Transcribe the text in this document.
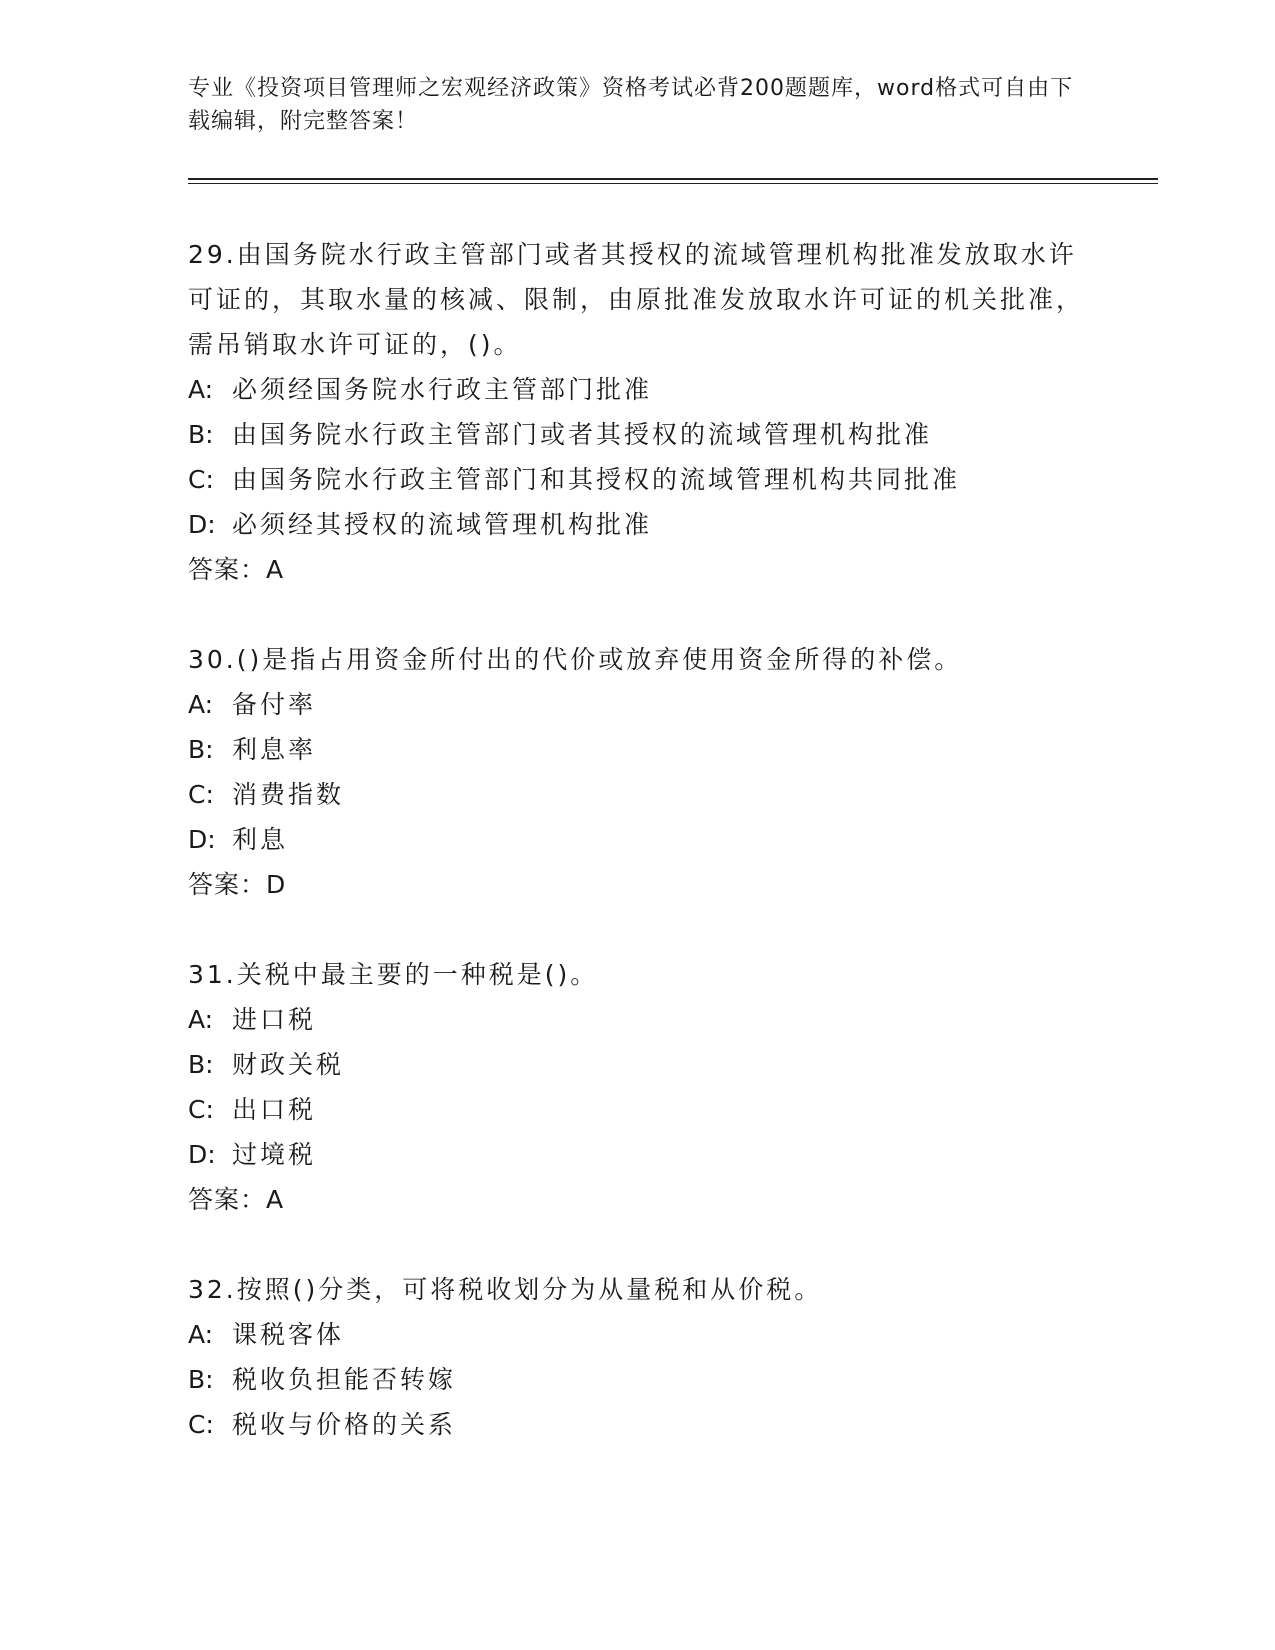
专业《投资项目管理师之宏观经济政策》资格考试必背200题题库，word格式可自由下载编辑，附完整答案！

29.由国务院水行政主管部门或者其授权的流域管理机构批准发放取水许可证的，其取水量的核减、限制，由原批准发放取水许可证的机关批准，需吊销取水许可证的，()。

A: 必须经国务院水行政主管部门批准

B: 由国务院水行政主管部门或者其授权的流域管理机构批准

C: 由国务院水行政主管部门和其授权的流域管理机构共同批准

D: 必须经其授权的流域管理机构批准

答案：A

30.()是指占用资金所付出的代价或放弃使用资金所得的补偿。

A: 备付率

B: 利息率

C: 消费指数

D: 利息

答案：D

31.关税中最主要的一种税是()。

A: 进口税

B: 财政关税

C: 出口税

D: 过境税

答案：A

32.按照()分类，可将税收划分为从量税和从价税。

A: 课税客体

B: 税收负担能否转嫁

C: 税收与价格的关系
